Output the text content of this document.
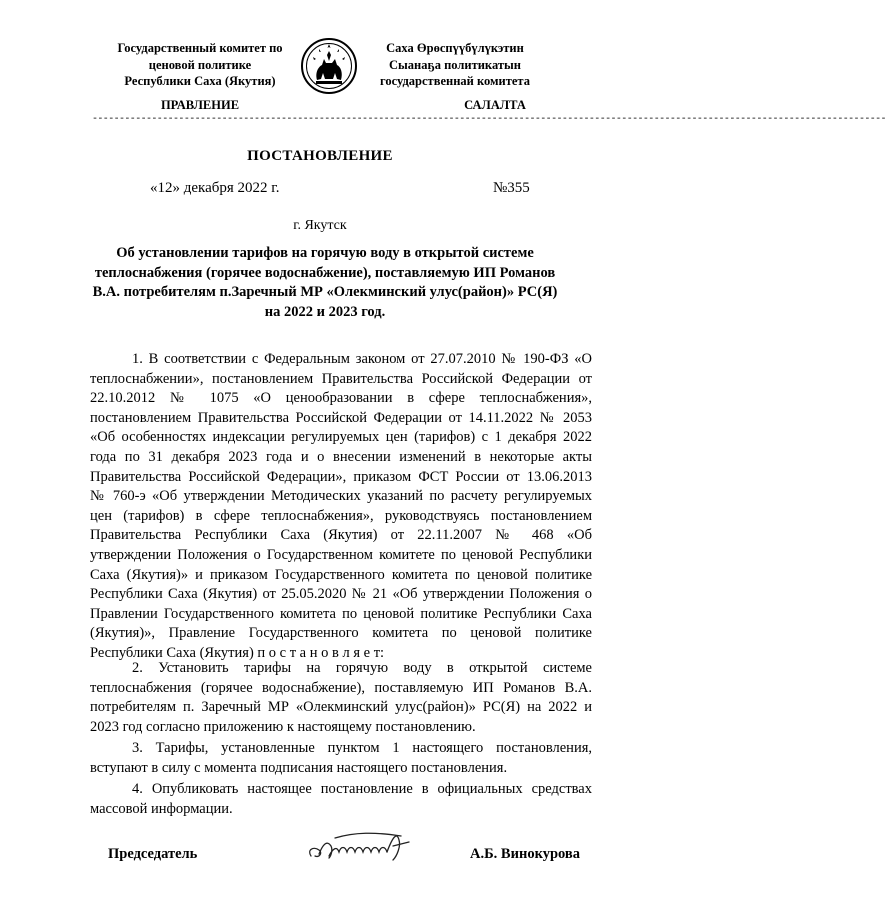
Государственный комитет по
ценовой политике
Республики Саха (Якутия)
Саха Өрөспүүбүлүкэтин
Сыанаҕа политикатын
государственнай комитета
ПРАВЛЕНИЕ	САЛАЛТА
---------------------------------------------------------------------------------------------------------------------------------------------------
ПОСТАНОВЛЕНИЕ
«12» декабря 2022 г.	№355
г. Якутск
Об установлении тарифов на горячую воду в открытой системе
теплоснабжения (горячее водоснабжение), поставляемую ИП Романов
В.А. потребителям п.Заречный МР «Олекминский улус(район)» РС(Я)
на 2022 и 2023 год.
1. В соответствии с Федеральным законом от 27.07.2010 № 190-ФЗ «О
теплоснабжении», постановлением Правительства Российской Федерации от
22.10.2012 № 1075 «О ценообразовании в сфере теплоснабжения»,
постановлением Правительства Российской Федерации от 14.11.2022 № 2053
«Об особенностях индексации регулируемых цен (тарифов) с 1 декабря 2022
года по 31 декабря 2023 года и о внесении изменений в некоторые акты
Правительства Российской Федерации», приказом ФСТ России от 13.06.2013
№ 760-э «Об утверждении Методических указаний по расчету регулируемых
цен (тарифов) в сфере теплоснабжения», руководствуясь постановлением
Правительства Республики Саха (Якутия) от 22.11.2007 № 468 «Об
утверждении Положения о Государственном комитете по ценовой Республики
Саха (Якутия)» и приказом Государственного комитета по ценовой политике
Республики Саха (Якутия) от 25.05.2020 № 21 «Об утверждении Положения о
Правлении Государственного комитета по ценовой политике Республики Саха
(Якутия)», Правление Государственного комитета по ценовой политике
Республики Саха (Якутия) п о с т а н о в л я е т:
2. Установить тарифы на горячую воду в открытой системе
теплоснабжения (горячее водоснабжение), поставляемую ИП Романов В.А.
потребителям п. Заречный МР «Олекминский улус(район)» РС(Я) на 2022 и
2023 год согласно приложению к настоящему постановлению.
3. Тарифы, установленные пунктом 1 настоящего постановления,
вступают в силу с момента подписания настоящего постановления.
4. Опубликовать настоящее постановление в официальных средствах
массовой информации.
Председатель	А.Б. Винокурова
